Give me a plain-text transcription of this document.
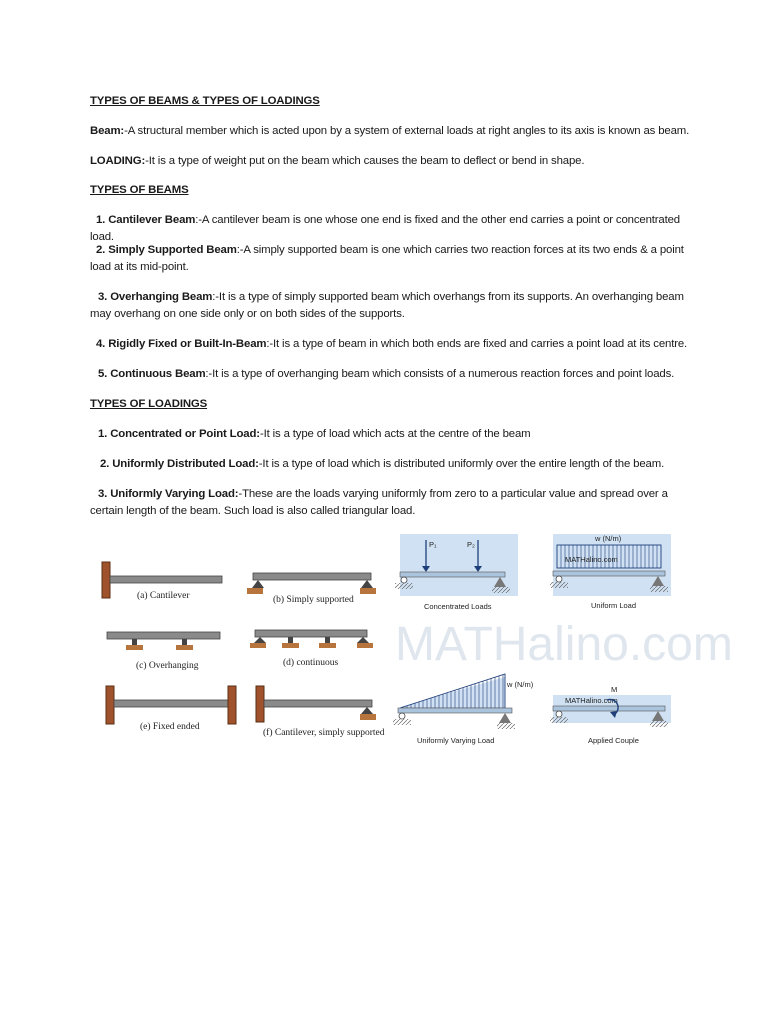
TYPES OF BEAMS & TYPES OF LOADINGS

Beam:-A structural member which is acted upon by a system of external loads at right angles to its axis is known as beam.

LOADING:-It is a type of weight put on the beam which causes the beam to deflect or bend in shape.

TYPES OF BEAMS

1. Cantilever Beam:-A cantilever beam is one whose one end is fixed and the other end carries a point or concentrated load.

2. Simply Supported Beam:-A simply supported beam is one which carries two reaction forces at its two ends & a point load at its mid-point.

3. Overhanging Beam:-It is a type of simply supported beam which overhangs from its supports. An overhanging beam may overhang on one side only or on both sides of the supports.

4. Rigidly Fixed or Built-In-Beam:-It is a type of beam in which both ends are fixed and carries a point load at its centre.

5. Continuous Beam:-It is a type of overhanging beam which consists of a numerous reaction forces and point loads.

TYPES OF LOADINGS

1. Concentrated or Point Load:-It is a type of load which acts at the centre of the beam

2. Uniformly Distributed Load:-It is a type of load which is distributed uniformly over the entire length of the beam.

3. Uniformly Varying Load:-These are the loads varying uniformly from zero to a particular value and spread over a certain length of the beam. Such load is also called triangular load.

MATHalino.com
(a) Cantilever	(b) Simply supported
(c) Overhanging	(d) continuous
(e) Fixed ended
(f) Cantilever, simply supported
P₁	P₂
Concentrated Loads
w (N/m)
MATHalino.com
Uniform Load
w (N/m)
Uniformly Varying Load
M
MATHalino.com
Applied Couple
